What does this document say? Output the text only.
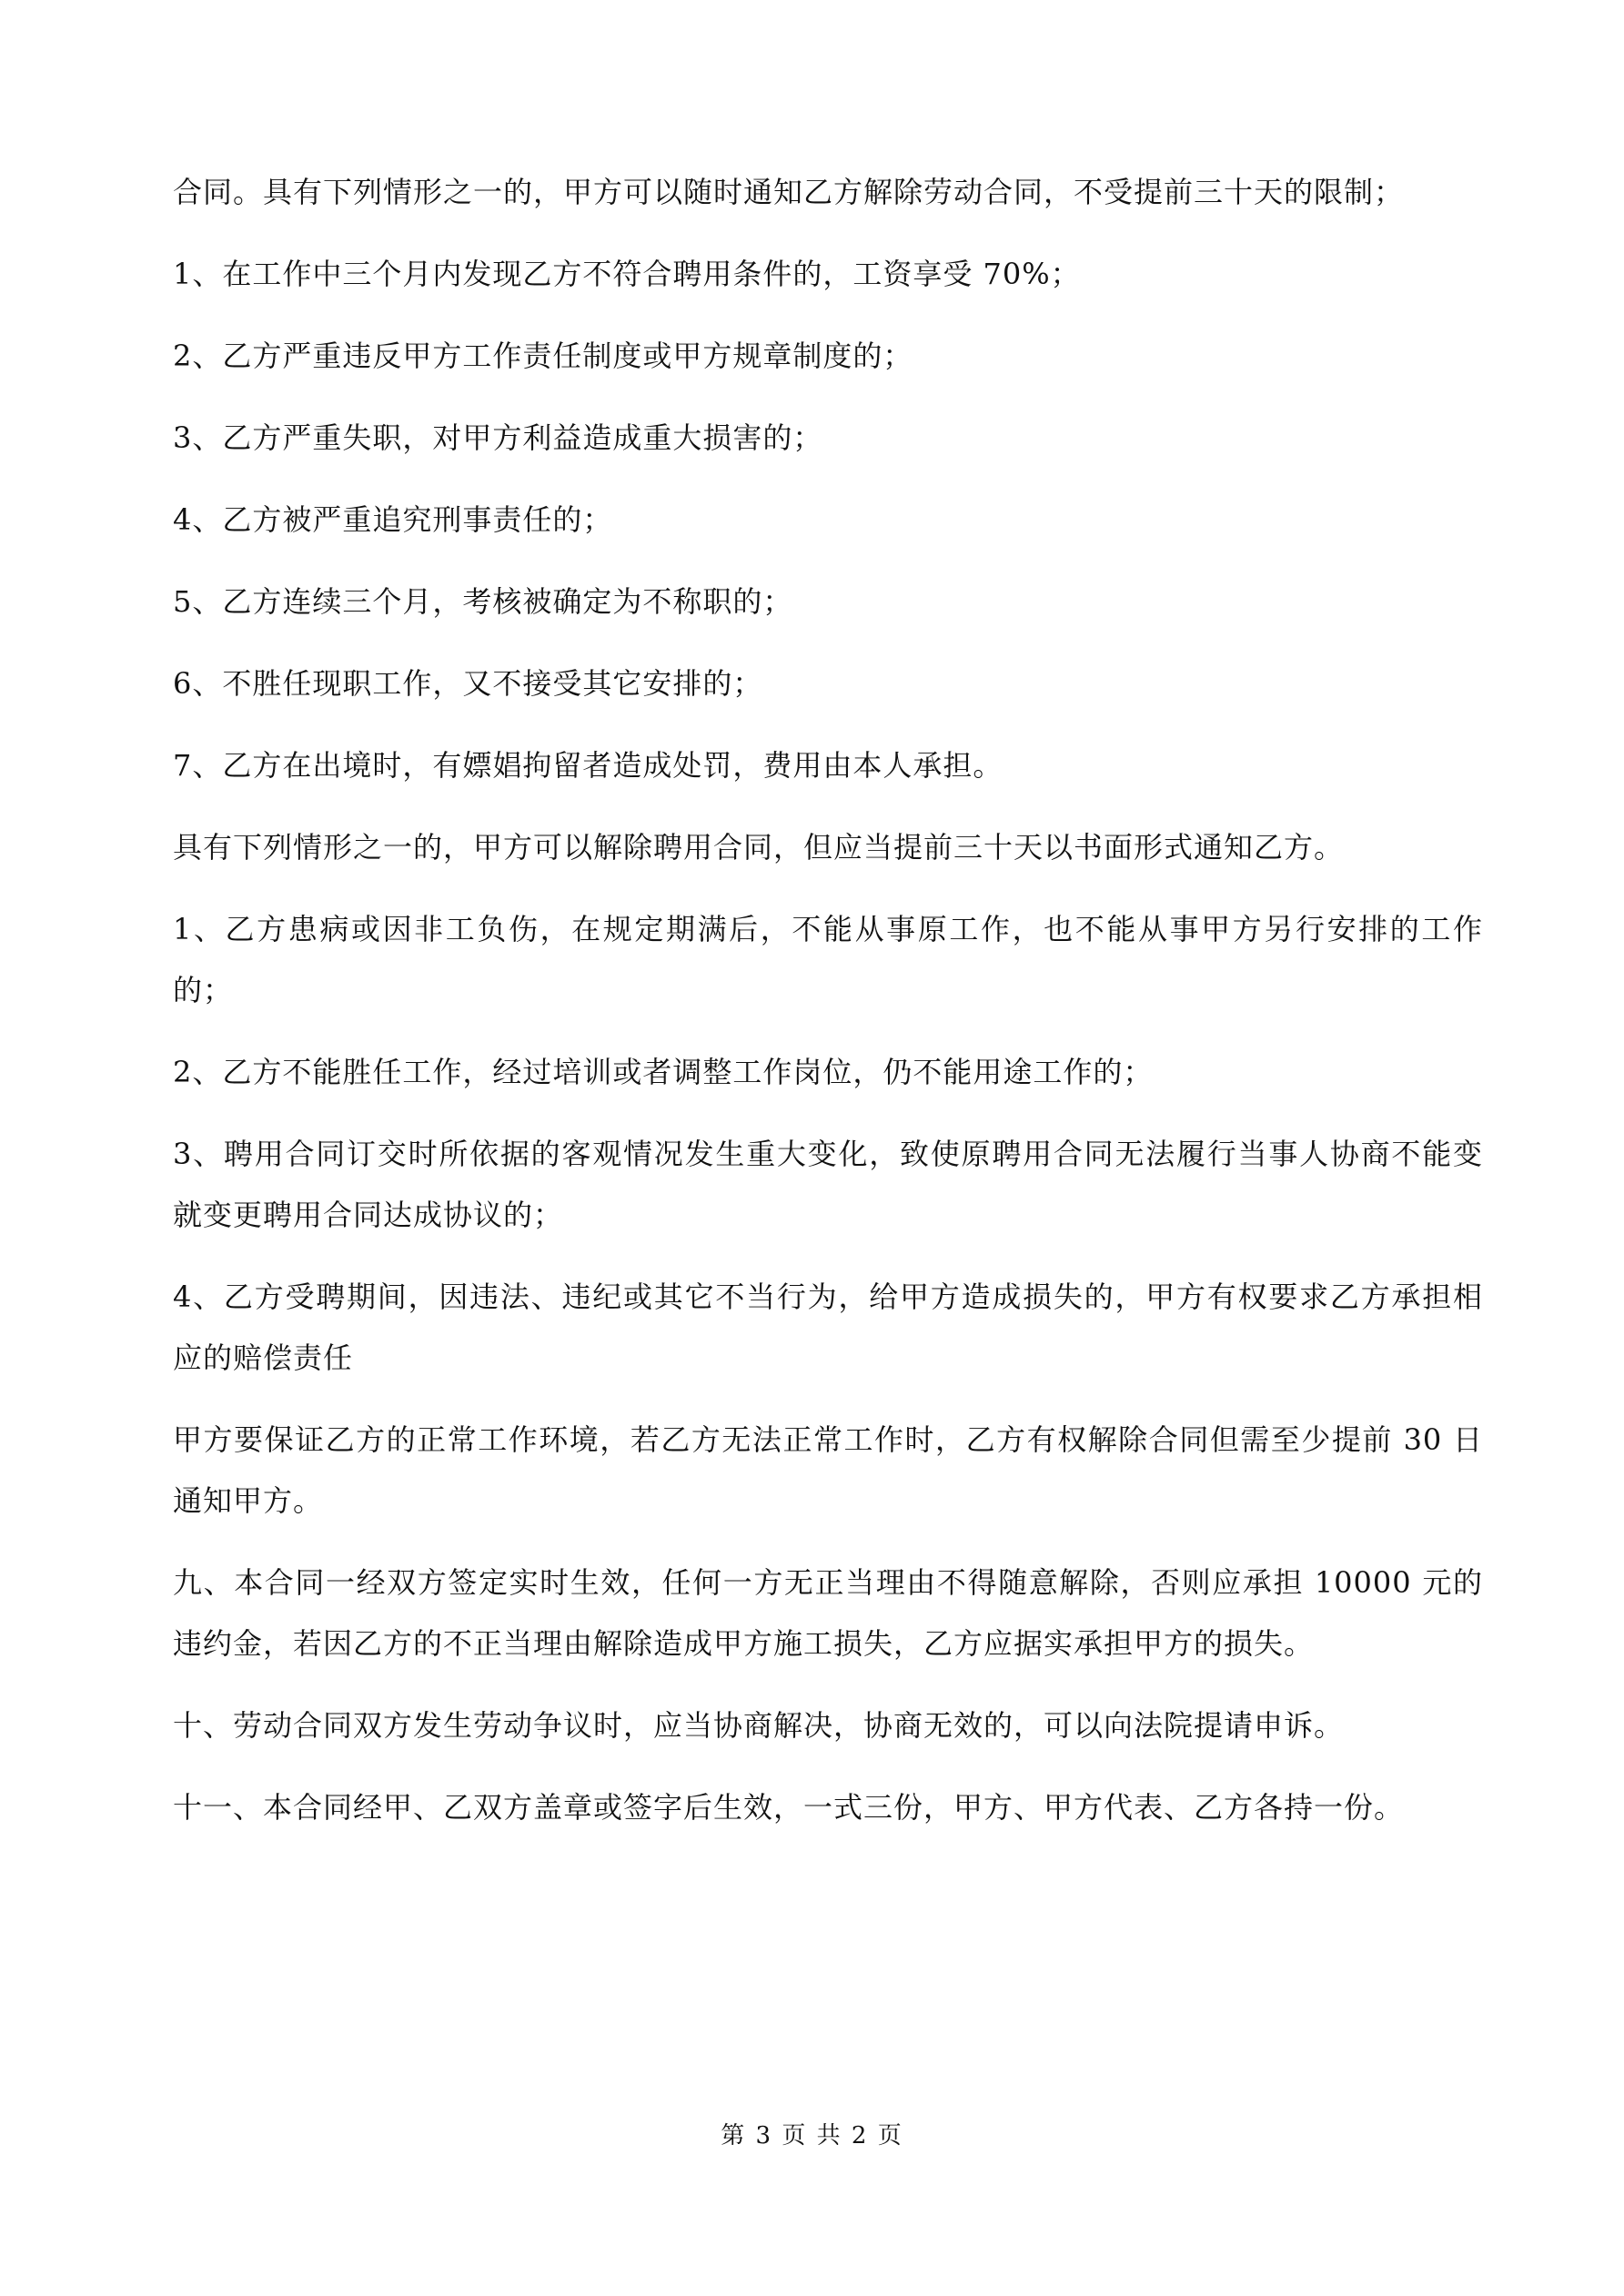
合同。具有下列情形之一的，甲方可以随时通知乙方解除劳动合同，不受提前三十天的限制；

1、在工作中三个月内发现乙方不符合聘用条件的，工资享受 70%；

2、乙方严重违反甲方工作责任制度或甲方规章制度的；

3、乙方严重失职，对甲方利益造成重大损害的；

4、乙方被严重追究刑事责任的；

5、乙方连续三个月，考核被确定为不称职的；

6、不胜任现职工作，又不接受其它安排的；

7、乙方在出境时，有嫖娼拘留者造成处罚，费用由本人承担。

具有下列情形之一的，甲方可以解除聘用合同，但应当提前三十天以书面形式通知乙方。

1、乙方患病或因非工负伤，在规定期满后，不能从事原工作，也不能从事甲方另行安排的工作的；

2、乙方不能胜任工作，经过培训或者调整工作岗位，仍不能用途工作的；

3、聘用合同订交时所依据的客观情况发生重大变化，致使原聘用合同无法履行当事人协商不能变就变更聘用合同达成协议的；

4、乙方受聘期间，因违法、违纪或其它不当行为，给甲方造成损失的，甲方有权要求乙方承担相应的赔偿责任

甲方要保证乙方的正常工作环境，若乙方无法正常工作时，乙方有权解除合同但需至少提前 30 日通知甲方。

九、本合同一经双方签定实时生效，任何一方无正当理由不得随意解除，否则应承担 10000 元的违约金，若因乙方的不正当理由解除造成甲方施工损失，乙方应据实承担甲方的损失。

十、劳动合同双方发生劳动争议时，应当协商解决，协商无效的，可以向法院提请申诉。

十一、本合同经甲、乙双方盖章或签字后生效，一式三份，甲方、甲方代表、乙方各持一份。

第 3 页 共 2 页
